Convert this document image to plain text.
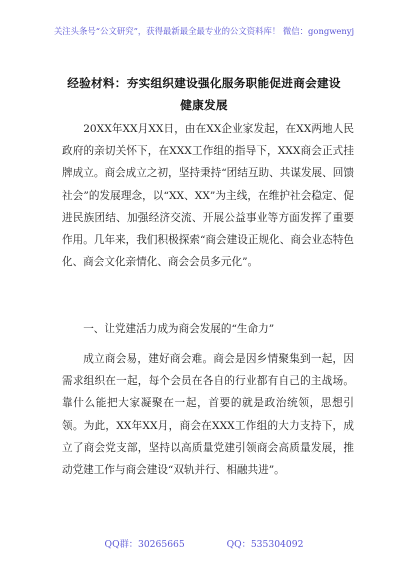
关注头条号“公文研究”，获得最新最全最专业的公文资料库！ 微信：gongwenyj
经验材料：夯实组织建设强化服务职能促进商会建设健康发展

20XX年XX月XX日，由在XX企业家发起，在XX两地人民政府的亲切关怀下，在XXX工作组的指导下，XXX商会正式挂牌成立。商会成立之初，坚持秉持“团结互助、共谋发展、回馈社会”的发展理念，以“XX、XX”为主线，在维护社会稳定、促进民族团结、加强经济交流、开展公益事业等方面发挥了重要作用。几年来，我们积极探索“商会建设正规化、商会业态特色化、商会文化亲情化、商会会员多元化”。

一、让党建活力成为商会发展的“生命力”

成立商会易，建好商会难。商会是因乡情聚集到一起，因需求组织在一起，每个会员在各自的行业都有自己的主战场。靠什么能把大家凝聚在一起，首要的就是政治统领，思想引领。为此，XX年XX月，商会在XXX工作组的大力支持下，成立了商会党支部，坚持以高质量党建引领商会高质量发展，推动党建工作与商会建设“双轨并行、相融共进”。

QQ群：30265665	QQ：535304092
